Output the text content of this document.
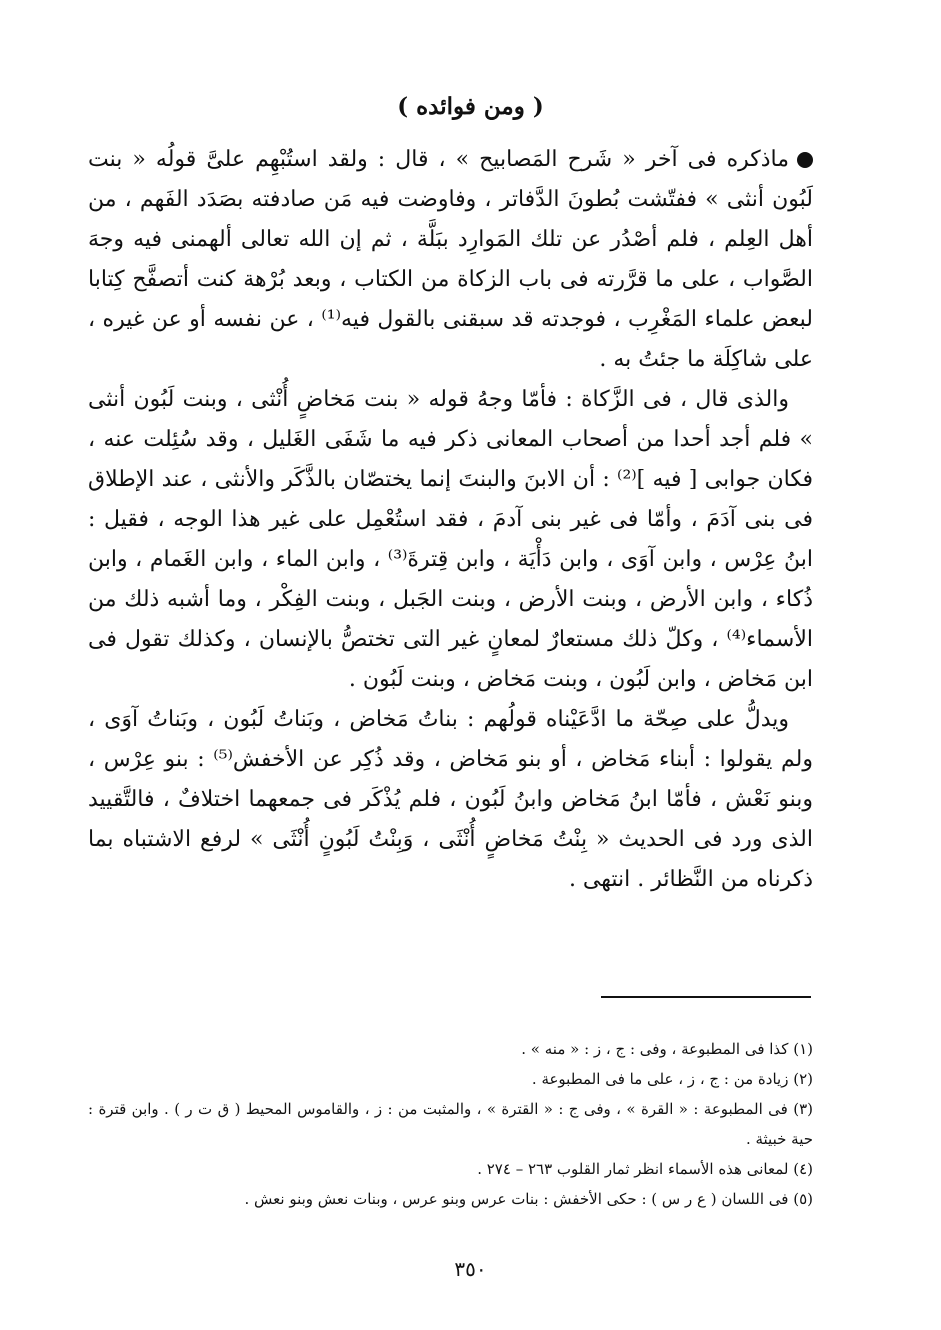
( ومن فوائده )

ماذكره فى آخر « شَرح المَصابيح » ، قال : ولقد استُبْهِم علىَّ قولُه « بنت لَبُون أنثى » ففتّشت بُطونَ الدَّفاتر ، وفاوضت فيه مَن صادفته بصَدَد الفَهم ، من أهل العِلم ، فلم أصْدُر عن تلك المَوارِد ببَلَّة ، ثم إن الله تعالى ألهمنى فيه وجهَ الصَّواب ، على ما قرَّرته فى باب الزكاة من الكتاب ، وبعد بُرْهة كنت أتصفَّح كِتابا لبعض علماء المَغْرِب ، فوجدته قد سبقنى بالقول فيه⁽¹⁾ ، عن نفسه أو عن غيره ، على شاكِلَة ما جئتُ به .

والذى قال ، فى الزَّكاة : فأمّا وجهُ قوله « بنت مَخاضٍ أُنْثى ، وبنت لَبُون أنثى » فلم أجد أحدا من أصحاب المعانى ذكر فيه ما شَفَى الغَليل ، وقد سُئِلت عنه ، فكان جوابى [ فيه ]⁽²⁾ : أن الابنَ والبنتَ إنما يختصّان بالذَّكَر والأنثى ، عند الإطلاق فى بنى آدَمَ ، وأمّا فى غير بنى آدمَ ، فقد استُعْمِل على غير هذا الوجه ، فقيل : ابنُ عِرْس ، وابن آوَى ، وابن دَأْيَة ، وابن قِترةَ⁽³⁾ ، وابن الماء ، وابن الغَمام ، وابن ذُكاء ، وابن الأرض ، وبنت الأرض ، وبنت الجَبل ، وبنت الفِكْر ، وما أشبه ذلك من الأسماء⁽⁴⁾ ، وكلّ ذلك مستعارٌ لمعانٍ غير التى تختصُّ بالإنسان ، وكذلك تقول فى ابن مَخاض ، وابن لَبُون ، وبنت مَخاض ، وبنت لَبُون .

ويدلُّ على صِحّة ما ادَّعَيْناه قولُهم : بناتُ مَخاض ، وبَناتُ لَبُون ، وبَناتُ آوَى ، ولم يقولوا : أبناء مَخاض ، أو بنو مَخاض ، وقد ذُكِر عن الأخفش⁽⁵⁾ : بنو عِرْس ، وبنو نَعْش ، فأمّا ابنُ مَخاض وابنُ لَبُون ، فلم يُذْكَر فى جمعهما اختلافٌ ، فالتَّقييد الذى ورد فى الحديث « بِنْتُ مَخاضٍ أُنْثَى ، وَبِنْتُ لَبُونٍ أُنْثَى » لرفع الاشتباه بما ذكرناه من النَّظائر . انتهى .

(١) كذا فى المطبوعة ، وفى : ج ، ز : « منه » .

(٢) زيادة من : ج ، ز ، على ما فى المطبوعة .

(٣) فى المطبوعة : « القرة » ، وفى ج : « القترة » ، والمثبت من : ز ، والقاموس المحيط ( ق ت ر ) . وابن قترة : حية خبيثة .

(٤) لمعانى هذه الأسماء انظر ثمار القلوب ٢٦٣ – ٢٧٤ .

(٥) فى اللسان ( ع ر س ) : حكى الأخفش : بنات عرس وبنو عرس ، وبنات نعش وبنو نعش .

٣٥٠
